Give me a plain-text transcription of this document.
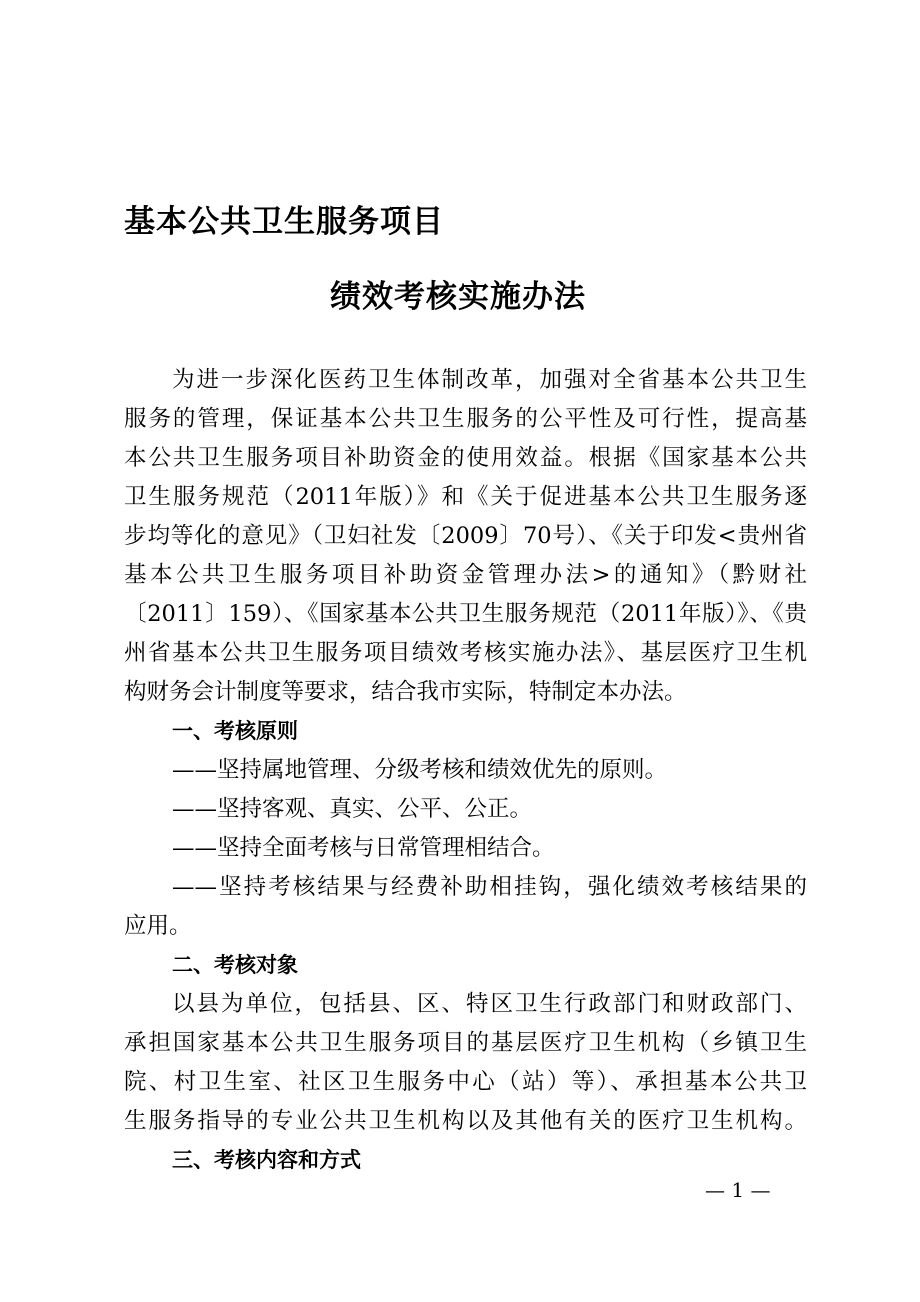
基本公共卫生服务项目
绩效考核实施办法
为进一步深化医药卫生体制改革，加强对全省基本公共卫生
服务的管理，保证基本公共卫生服务的公平性及可行性，提高基
本公共卫生服务项目补助资金的使用效益。根据《国家基本公共
卫生服务规范（2011年版）》和《关于促进基本公共卫生服务逐
步均等化的意见》（卫妇社发〔2009〕70号）、《关于印发<贵州省
基本公共卫生服务项目补助资金管理办法>的通知》（黔财社
〔2011〕159）、《国家基本公共卫生服务规范（2011年版）》、《贵
州省基本公共卫生服务项目绩效考核实施办法》、基层医疗卫生机
构财务会计制度等要求，结合我市实际，特制定本办法。
一、考核原则
——坚持属地管理、分级考核和绩效优先的原则。
——坚持客观、真实、公平、公正。
——坚持全面考核与日常管理相结合。
——坚持考核结果与经费补助相挂钩，强化绩效考核结果的
应用。
二、考核对象
以县为单位，包括县、区、特区卫生行政部门和财政部门、
承担国家基本公共卫生服务项目的基层医疗卫生机构（乡镇卫生
院、村卫生室、社区卫生服务中心（站）等）、承担基本公共卫
生服务指导的专业公共卫生机构以及其他有关的医疗卫生机构。
三、考核内容和方式
— 1 —
